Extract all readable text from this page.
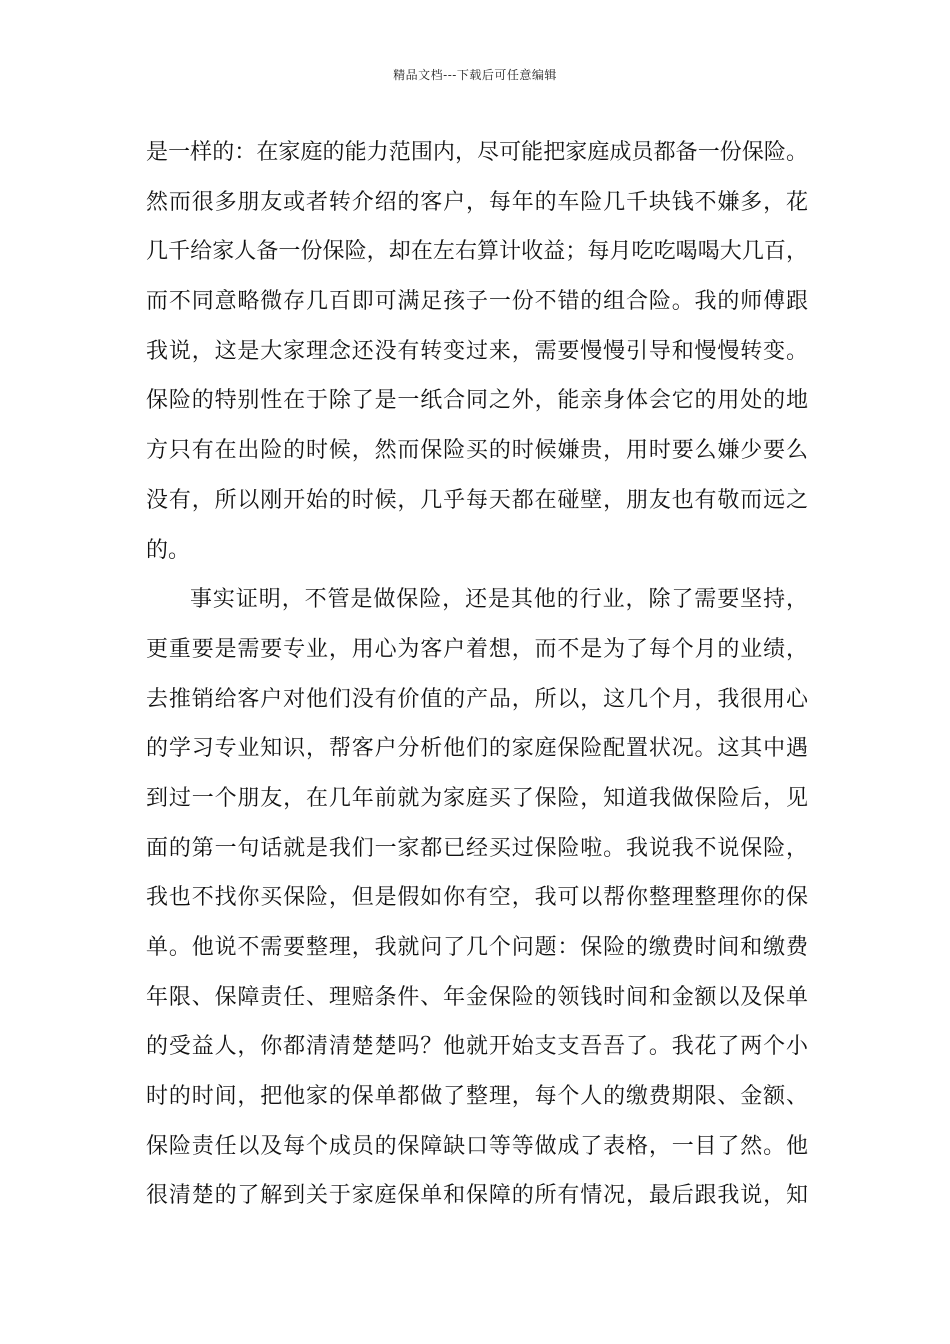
精品文档---下载后可任意编辑
是一样的：在家庭的能力范围内，尽可能把家庭成员都备一份保险。
然而很多朋友或者转介绍的客户，每年的车险几千块钱不嫌多，花
几千给家人备一份保险，却在左右算计收益；每月吃吃喝喝大几百，
而不同意略微存几百即可满足孩子一份不错的组合险。我的师傅跟
我说，这是大家理念还没有转变过来，需要慢慢引导和慢慢转变。
保险的特别性在于除了是一纸合同之外，能亲身体会它的用处的地
方只有在出险的时候，然而保险买的时候嫌贵，用时要么嫌少要么
没有，所以刚开始的时候，几乎每天都在碰壁，朋友也有敬而远之
的。
事实证明，不管是做保险，还是其他的行业，除了需要坚持，
更重要是需要专业，用心为客户着想，而不是为了每个月的业绩，
去推销给客户对他们没有价值的产品，所以，这几个月，我很用心
的学习专业知识，帮客户分析他们的家庭保险配置状况。这其中遇
到过一个朋友，在几年前就为家庭买了保险，知道我做保险后，见
面的第一句话就是我们一家都已经买过保险啦。我说我不说保险，
我也不找你买保险，但是假如你有空，我可以帮你整理整理你的保
单。他说不需要整理，我就问了几个问题：保险的缴费时间和缴费
年限、保障责任、理赔条件、年金保险的领钱时间和金额以及保单
的受益人，你都清清楚楚吗？他就开始支支吾吾了。我花了两个小
时的时间，把他家的保单都做了整理，每个人的缴费期限、金额、
保险责任以及每个成员的保障缺口等等做成了表格，一目了然。他
很清楚的了解到关于家庭保单和保障的所有情况，最后跟我说，知
